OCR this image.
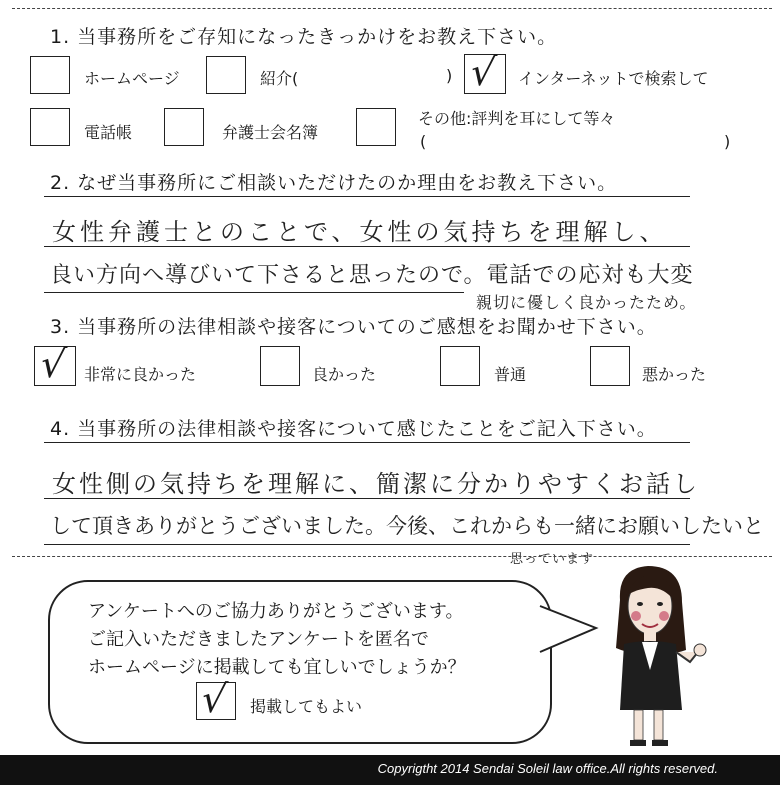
1. 当事務所をご存知になったきっかけをお教え下さい。
ホームページ	紹介(	) √ インターネットで検索して
電話帳	弁護士会名簿
その他:評判を耳にして等々
(	)
2. なぜ当事務所にご相談いただけたのか理由をお教え下さい。
女性弁護士とのことで、女性の気持ちを理解し、
良い方向へ導びいて下さると思ったので。電話での応対も大変
親切に優しく良かったため。
3. 当事務所の法律相談や接客についてのご感想をお聞かせ下さい。
√ 非常に良かった	良かった	普通	悪かった
4. 当事務所の法律相談や接客について感じたことをご記入下さい。
女性側の気持ちを理解に、簡潔に分かりやすくお話し
して頂きありがとうございました。今後、これからも一緒にお願いしたいと
思っています
アンケートへのご協力ありがとうございます。
ご記入いただきましたアンケートを匿名で
ホームページに掲載しても宜しいでしょうか？
√ 掲載してもよい
Copyrigtht 2014 Sendai Soleil law office.All rights reserved.
